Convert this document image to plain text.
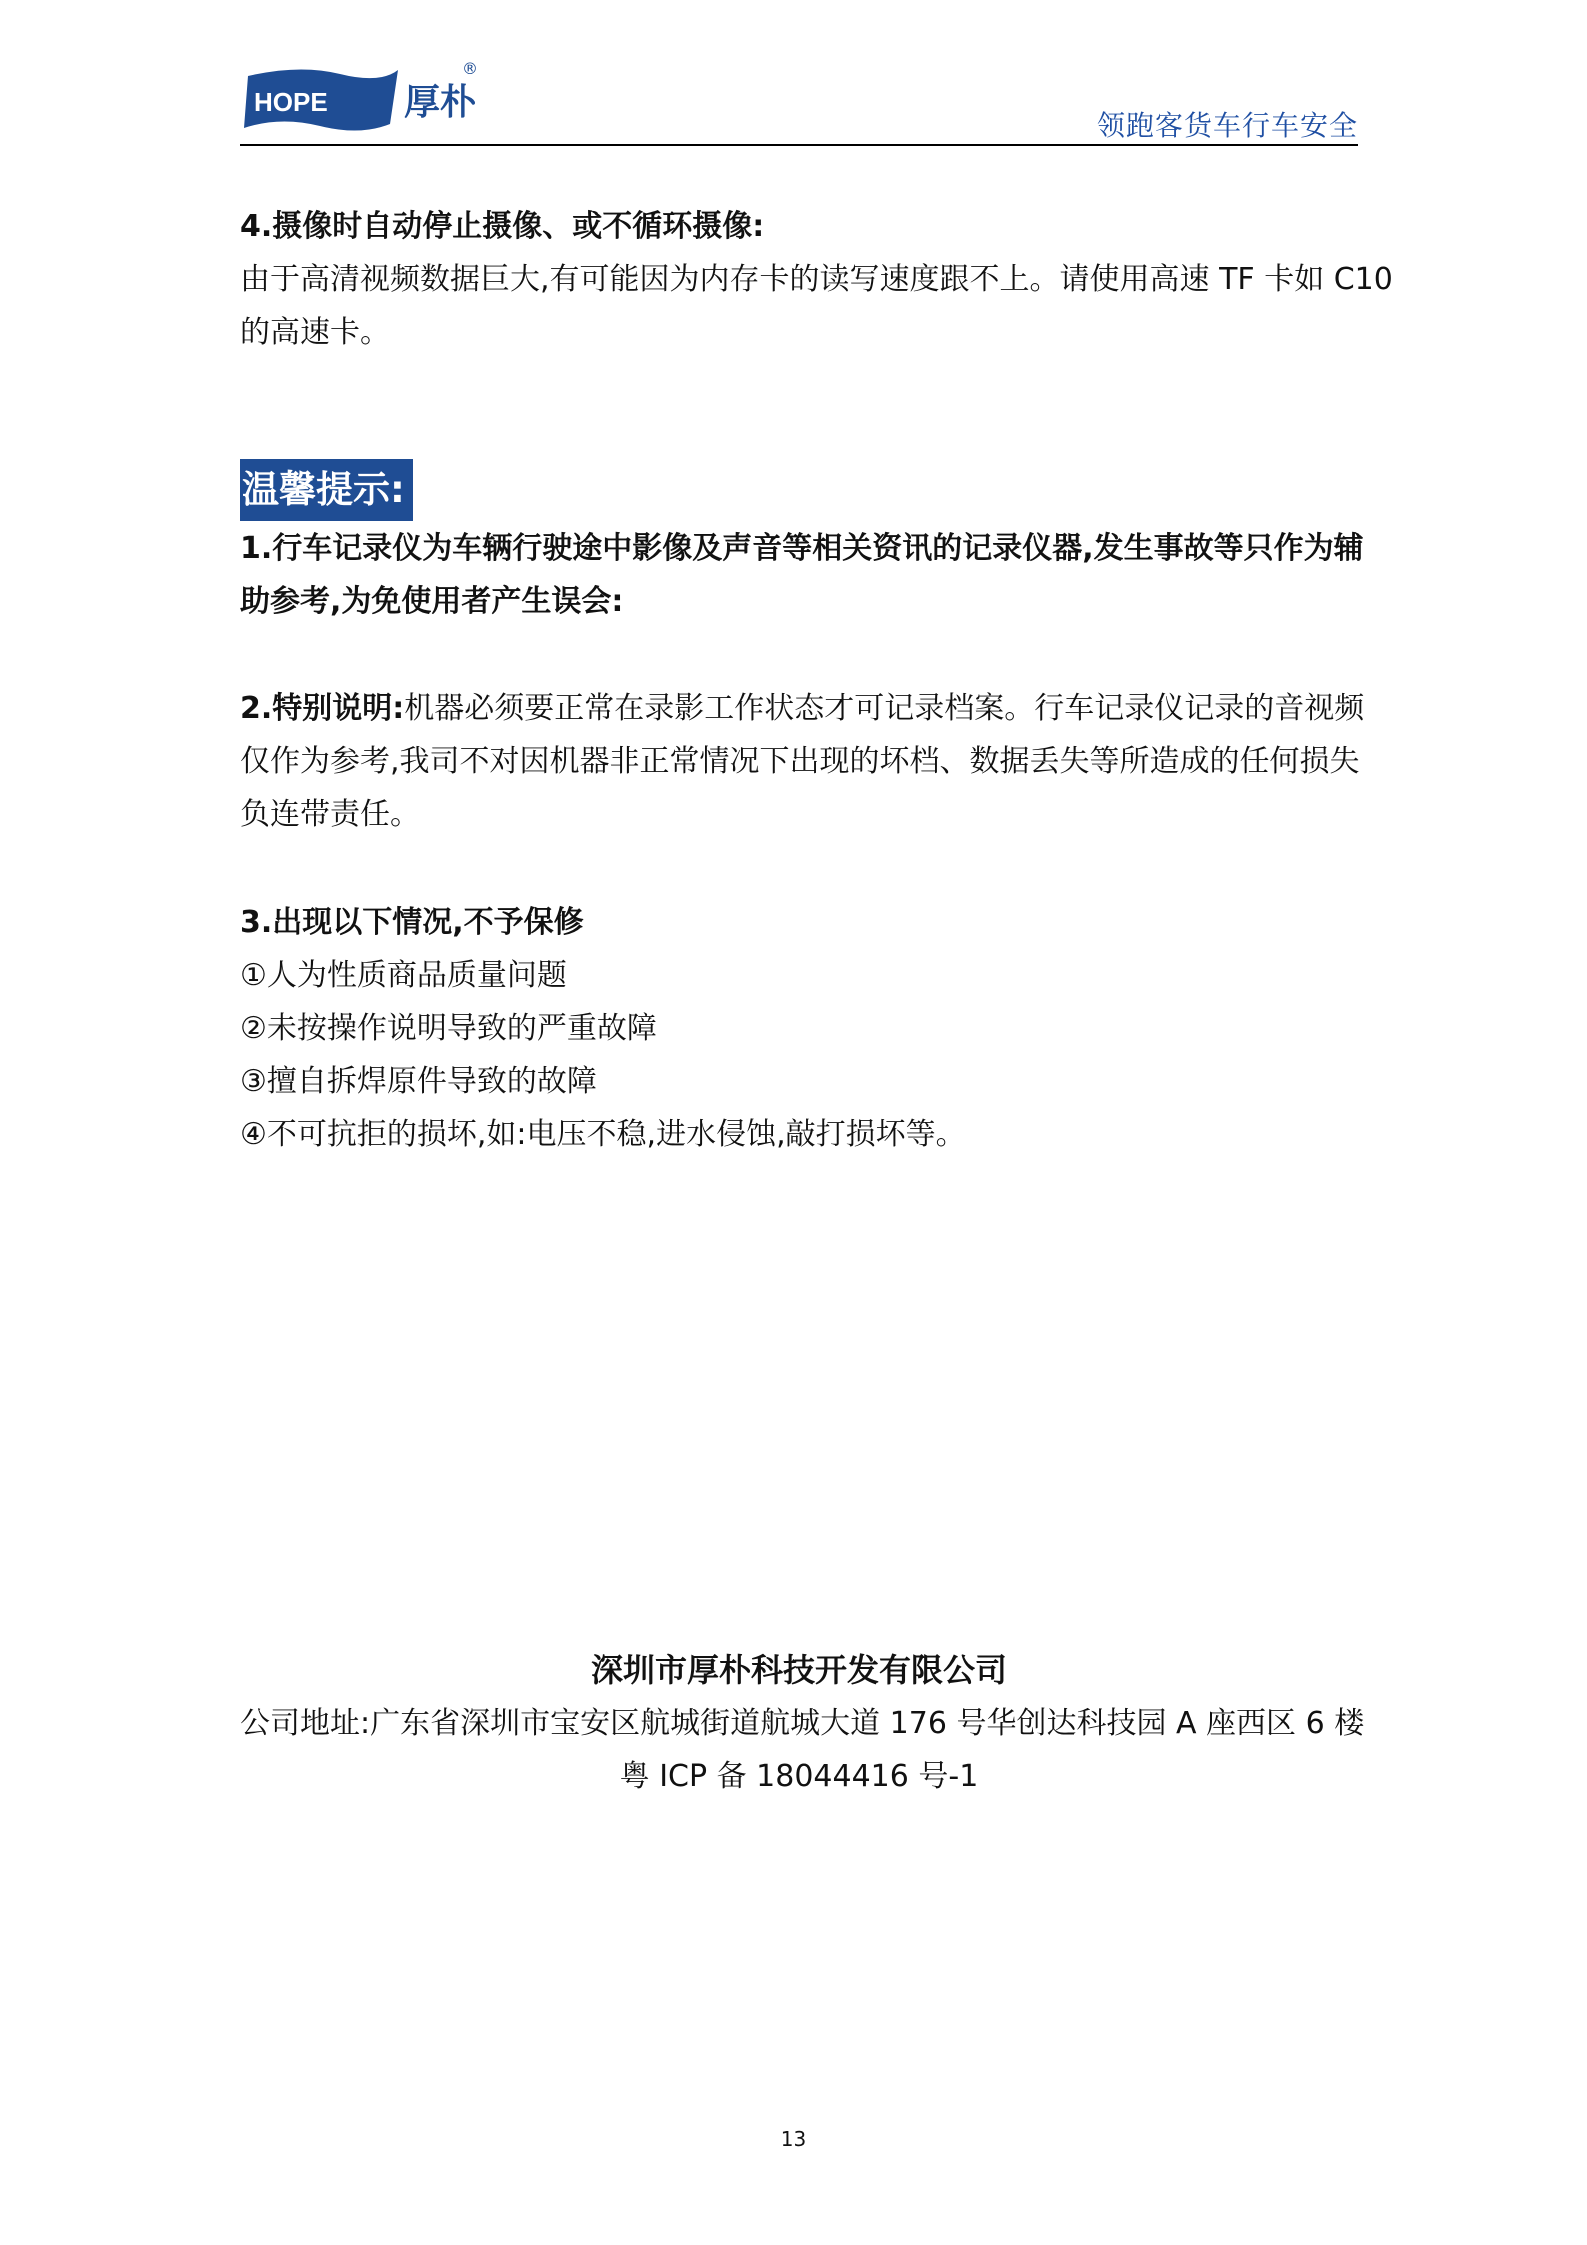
HOPE 厚朴
®
领跑客货车行车安全
4.摄像时自动停止摄像、或不循环摄像:
由于高清视频数据巨大,有可能因为内存卡的读写速度跟不上。请使用高速 TF 卡如 C10
的高速卡。
温馨提示:
1.行车记录仪为车辆行驶途中影像及声音等相关资讯的记录仪器,发生事故等只作为辅
助参考,为免使用者产生误会:
2.特别说明:机器必须要正常在录影工作状态才可记录档案。行车记录仪记录的音视频
仅作为参考,我司不对因机器非正常情况下出现的坏档、数据丢失等所造成的任何损失
负连带责任。
3.出现以下情况,不予保修
①人为性质商品质量问题
②未按操作说明导致的严重故障
③擅自拆焊原件导致的故障
④不可抗拒的损坏,如:电压不稳,进水侵蚀,敲打损坏等。
深圳市厚朴科技开发有限公司
公司地址:广东省深圳市宝安区航城街道航城大道 176 号华创达科技园 A 座西区 6 楼
粤 ICP 备 18044416 号-1
13
